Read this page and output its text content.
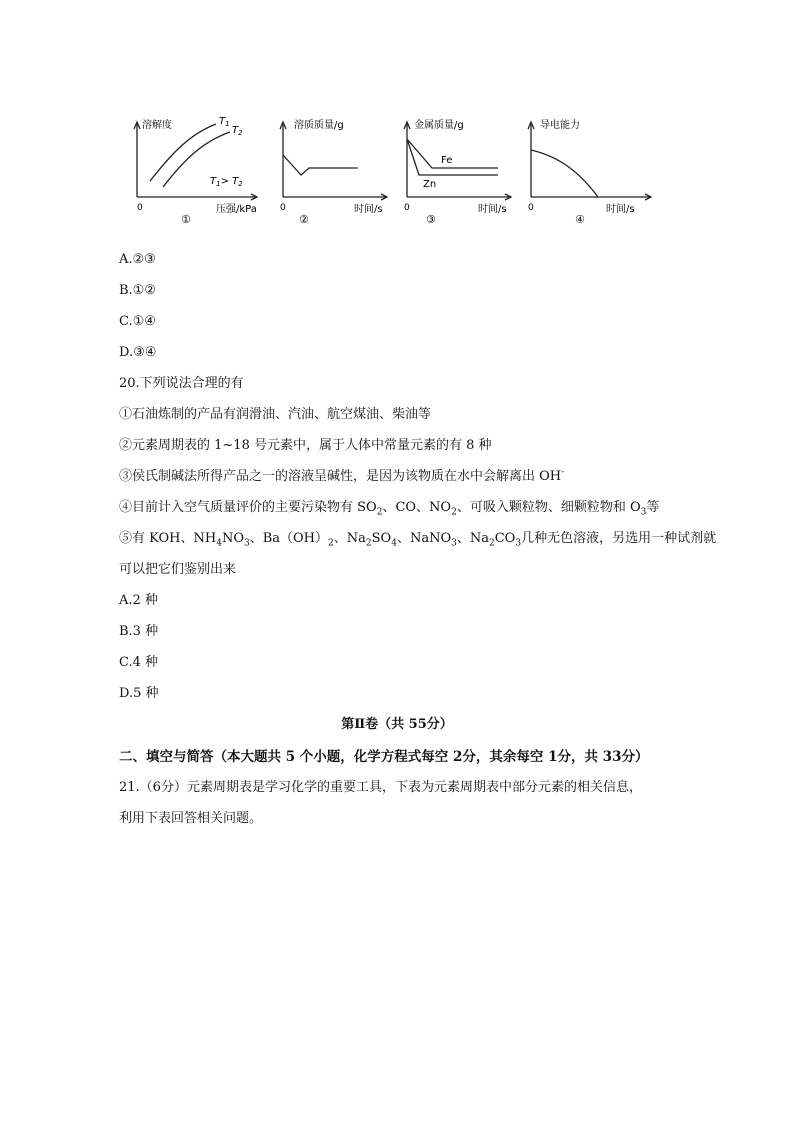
溶解度	$T_1$
$T_2$
$T_1> T_2$
0	压强/kPa
①
溶质质量/g
0	时间/s
②
金属质量/g
Fe
Zn
0	时间/s
③
导电能力
0	时间/s
④
A.②③
B.①②
C.①④
D.③④
20.下列说法合理的有
①石油炼制的产品有润滑油、汽油、航空煤油、柴油等
②元素周期表的 1~18 号元素中，属于人体中常量元素的有 8 种
③侯氏制碱法所得产品之一的溶液呈碱性，是因为该物质在水中会解离出 OH-
④目前计入空气质量评价的主要污染物有 $SO_2$、CO、$NO_2$、可吸入颗粒物、细颗粒物和 $O_3$等
⑤有 KOH、$NH_4NO_3$、$Ba(OH)_2$、$Na_2SO_4$、NaNO$_3$、$Na_2CO_3$几种无色溶液，另选用一种试剂就
可以把它们鉴别出来
A.2 种
B.3 种
C.4 种
D.5 种
第Ⅱ卷（共 55分）
二、填空与简答（本大题共 5 个小题，化学方程式每空 2分，其余每空 1分，共 33分）
21.（6分）元素周期表是学习化学的重要工具，下表为元素周期表中部分元素的相关信息，
利用下表回答相关问题。
